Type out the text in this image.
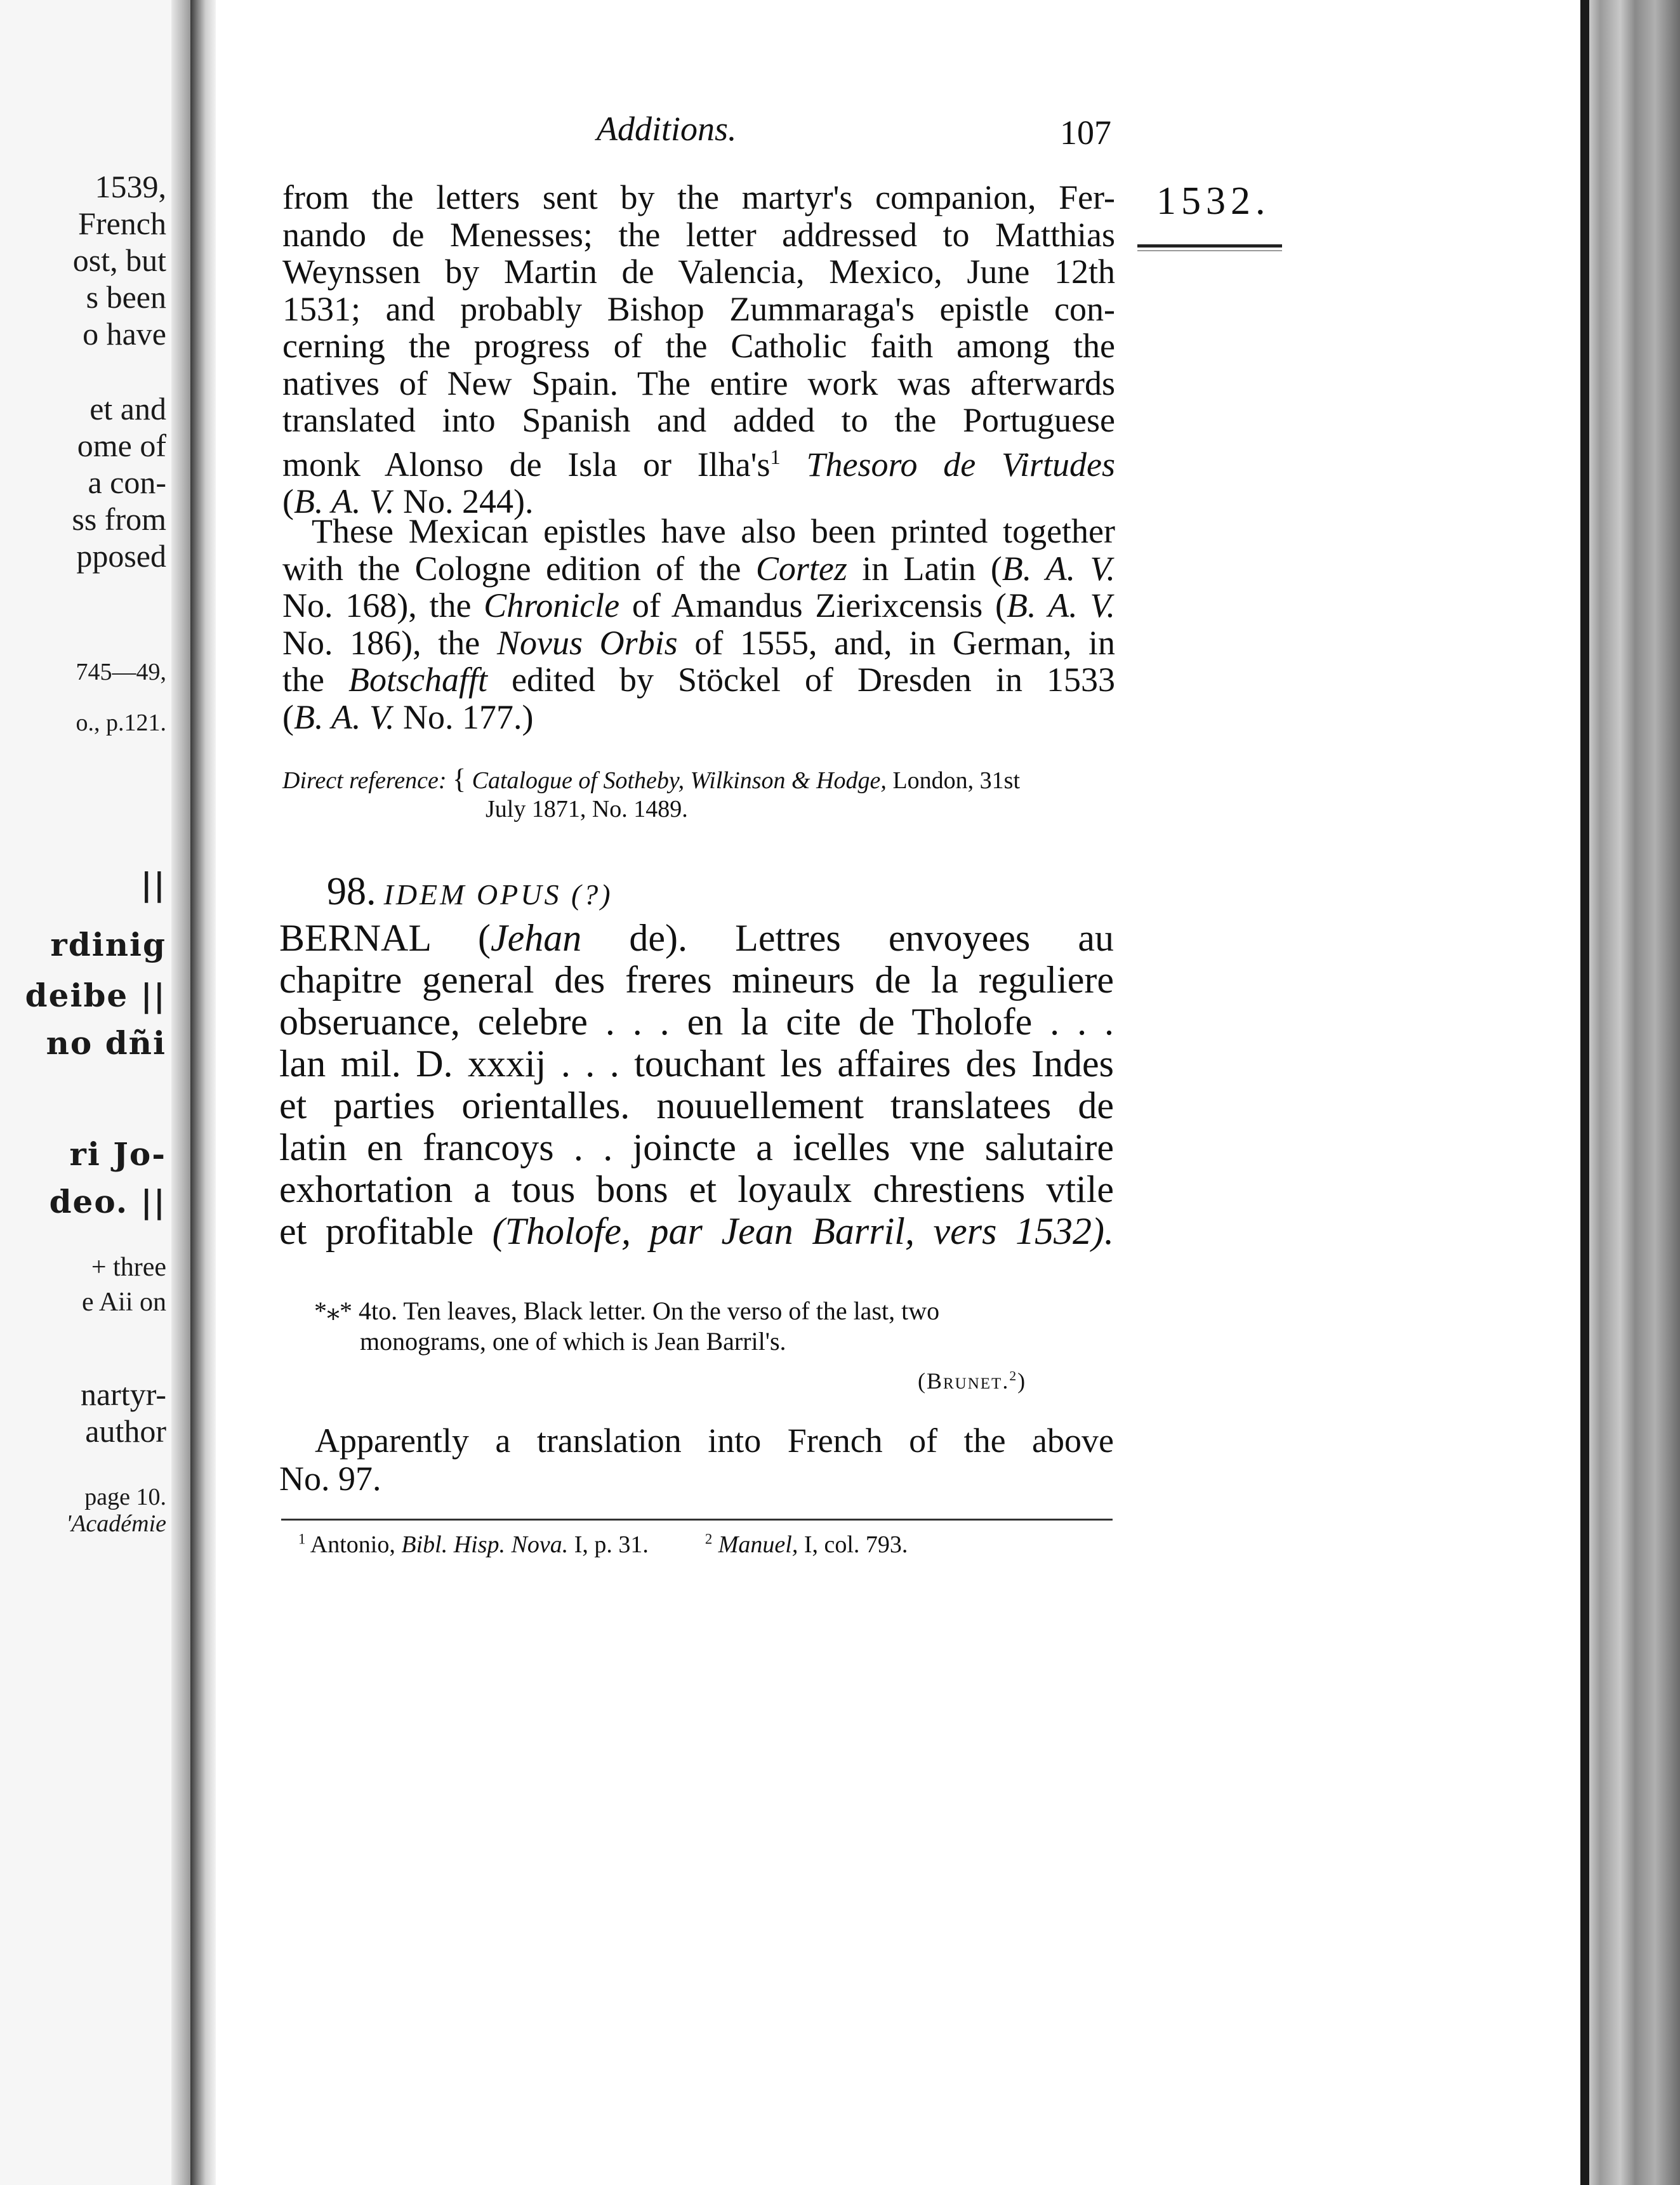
1539,
French
ost, but
s been
o have
et and
ome of
a con-
ss from
pposed
745—49,
o., p.121.
||
rdinig
deibe ||
no dñi
ri Jo-
deo. ||
+ three
e Aii on
nartyr-
author
page 10.
'Académie
Additions.	107
1532.
from the letters sent by the martyr's companion, Fer-
nando de Menesses; the letter addressed to Matthias
Weynssen by Martin de Valencia, Mexico, June 12th
1531; and probably Bishop Zummaraga's epistle con-
cerning the progress of the Catholic faith among the
natives of New Spain. The entire work was afterwards
translated into Spanish and added to the Portuguese
monk Alonso de Isla or $Ilha's^1$ Thesoro de Virtudes
(B. A. V. No. 244).
These Mexican epistles have also been printed together
with the Cologne edition of the Cortez in Latin (B. A. V.
No. 168), the Chronicle of Amandus Zierixcensis (B. A. V.
No. 186), the Novus Orbis of 1555, and, in German, in
the Botschafft edited by Stöckel of Dresden in 1533
(B. A. V. No. 177.)
Direct reference: { Catalogue of Sotheby, Wilkinson & Hodge, London, 31st
July 1871, No. 1489.
98. IDEM OPUS (?)
BERNAL (Jehan de). Lettres envoyees au
chapitre general des freres mineurs de la reguliere
obseruance, celebre . . . en la cite de Tholofe . . .
lan mil. D. xxxij . . . touchant les affaires des Indes
et parties orientalles. nouuellement translatees de
latin en francoys . . joincte a icelles vne salutaire
exhortation a tous bons et loyaulx chrestiens vtile
et profitable (Tholofe, par Jean Barril, vers 1532).
*⁎* 4to. Ten leaves, Black letter. On the verso of the last, two
monograms, one of which is Jean Barril's.
(Brunet.$^2$)
Apparently a translation into French of the above
No. 97.
$^1$ Antonio, Bibl. Hisp. Nova. I, p. 31.	$^2$ Manuel, I, col. 793.
